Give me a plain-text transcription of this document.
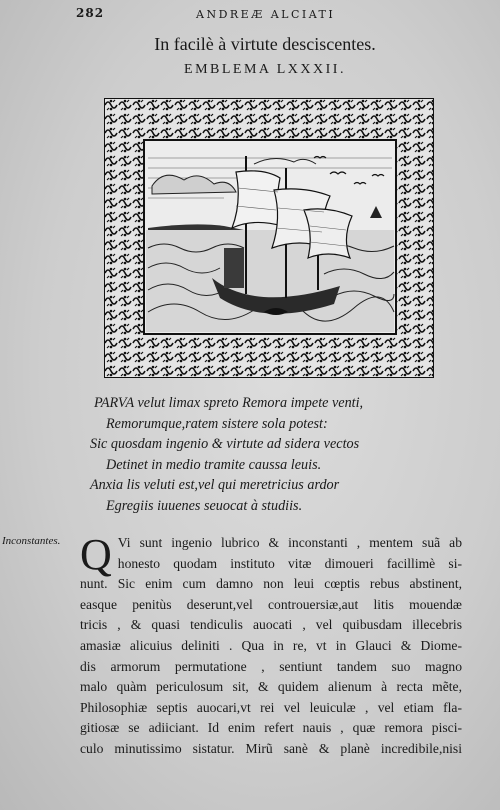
282	ANDREÆ ALCIATI
In facilè à virtute desciscentes.
EMBLEMA LXXXII.
PARVA velut limax spreto Remora impete venti,
Remorumque,ratem sistere sola potest:
Sic quosdam ingenio & virtute ad sidera vectos
Detinet in medio tramite caussa leuis.
Anxia lis veluti est,vel qui meretricius ardor
Egregiis iuuenes seuocat à studiis.
Inconstantes. Q Vi sunt ingenio lubrico & inconstanti , mentem suã ab
honesto quodam instituto vitæ dimoueri facillimè si-
nunt. Sic enim cum damno non leui cœptis rebus abstinent,
easque penitùs deserunt,vel controuersiæ,aut litis mouendæ
tricis , & quasi tendiculis auocati , vel quibusdam illecebris
amasiæ alicuius deliniti . Qua in re, vt in Glauci & Diome-
dis armorum permutatione , sentiunt tandem suo magno
malo quàm periculosum sit, & quidem alienum à recta mẽte,
Philosophiæ septis auocari,vt rei vel leuiculæ , vel etiam fla-
gitiosæ se adiiciant. Id enim refert nauis , quæ remora pisci-
culo minutissimo sistatur. Mirũ sanè & planè incredibile,nisi
